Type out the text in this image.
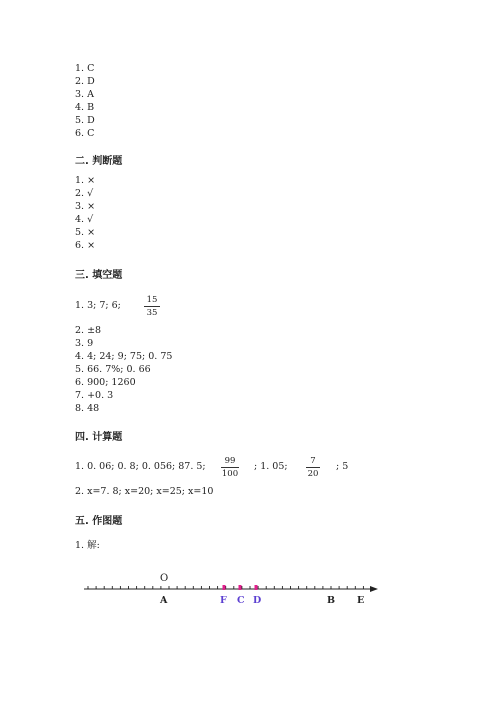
1. C
2. D
3. A
4. B
5. D
6. C
二. 判断题
1. ×
2. √
3. ×
4. √
5. ×
6. ×
三. 填空题
1. 3; 7; 6;	15
35
2. ±8
3. 9
4. 4; 24; 9; 75; 0. 75
5. 66. 7%; 0. 66
6. 900; 1260
7. +0. 3
8. 48
四. 计算题
1. 0. 06; 0. 8; 0. 056; 87. 5;	99
100
; 1. 05;	7
20
; 5
2. x=7. 8; x=20; x=25; x=10
五. 作图题
1. 解:
O
A	F C D	B E
